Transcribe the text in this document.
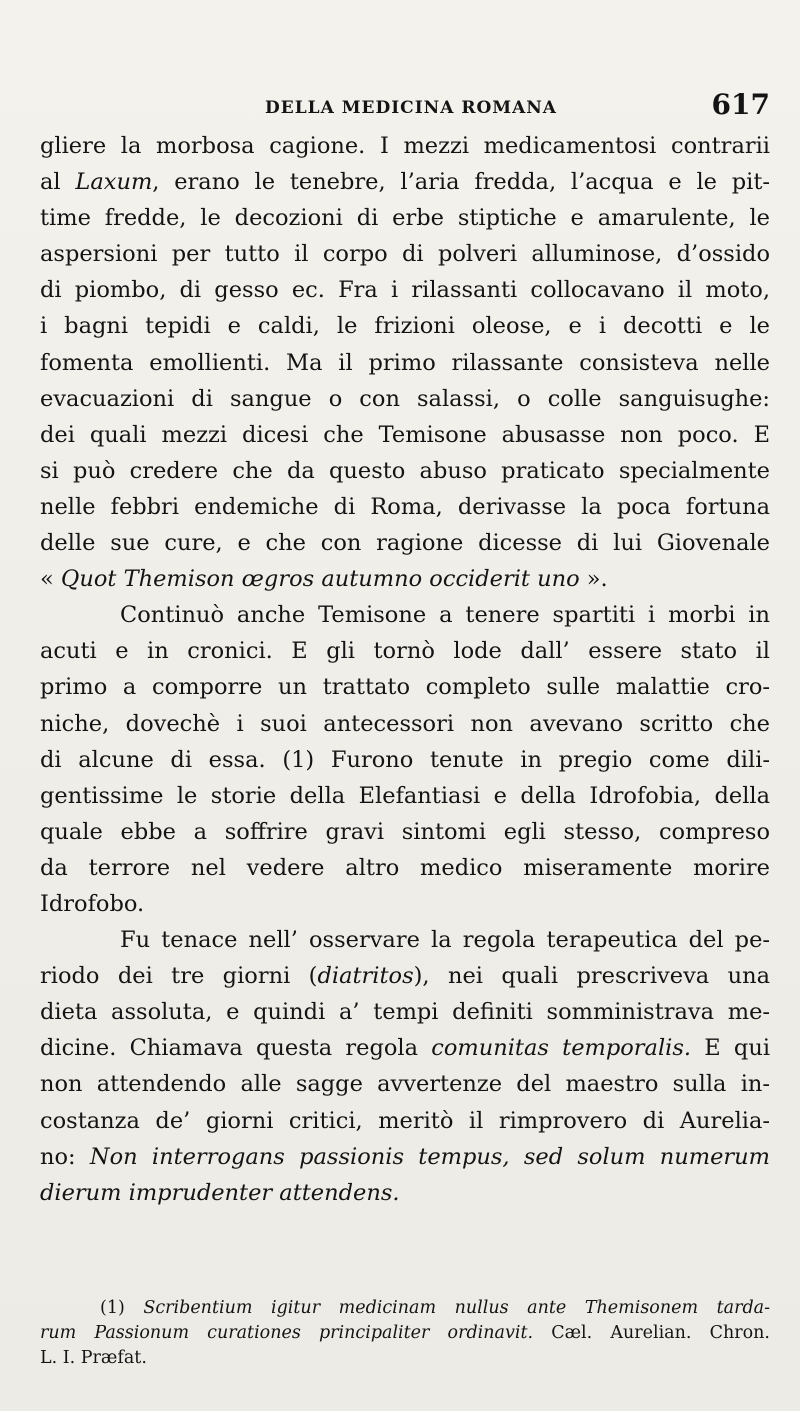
DELLA MEDICINA ROMANA	617
gliere la morbosa cagione. I mezzi medicamentosi contrarii
al Laxum, erano le tenebre, l’aria fredda, l’acqua e le pit-
time fredde, le decozioni di erbe stiptiche e amarulente, le
aspersioni per tutto il corpo di polveri alluminose, d’ossido
di piombo, di gesso ec. Fra i rilassanti collocavano il moto,
i bagni tepidi e caldi, le frizioni oleose, e i decotti e le
fomenta emollienti. Ma il primo rilassante consisteva nelle
evacuazioni di sangue o con salassi, o colle sanguisughe:
dei quali mezzi dicesi che Temisone abusasse non poco. E
si può credere che da questo abuso praticato specialmente
nelle febbri endemiche di Roma, derivasse la poca fortuna
delle sue cure, e che con ragione dicesse di lui Giovenale
« Quot Themison œgros autumno occiderit uno ».
Continuò anche Temisone a tenere spartiti i morbi in
acuti e in cronici. E gli tornò lode dall’ essere stato il
primo a comporre un trattato completo sulle malattie cro-
niche, dovechè i suoi antecessori non avevano scritto che
di alcune di essa. (1) Furono tenute in pregio come dili-
gentissime le storie della Elefantiasi e della Idrofobia, della
quale ebbe a soffrire gravi sintomi egli stesso, compreso
da terrore nel vedere altro medico miseramente morire
Idrofobo.
Fu tenace nell’ osservare la regola terapeutica del pe-
riodo dei tre giorni (diatritos), nei quali prescriveva una
dieta assoluta, e quindi a’ tempi definiti somministrava me-
dicine. Chiamava questa regola comunitas temporalis. E qui
non attendendo alle sagge avvertenze del maestro sulla in-
costanza de’ giorni critici, meritò il rimprovero di Aurelia-
no: Non interrogans passionis tempus, sed solum numerum
dierum imprudenter attendens.
(1) Scribentium igitur medicinam nullus ante Themisonem tarda-
rum Passionum curationes principaliter ordinavit. Cæl. Aurelian. Chron.
L. I. Præfat.
